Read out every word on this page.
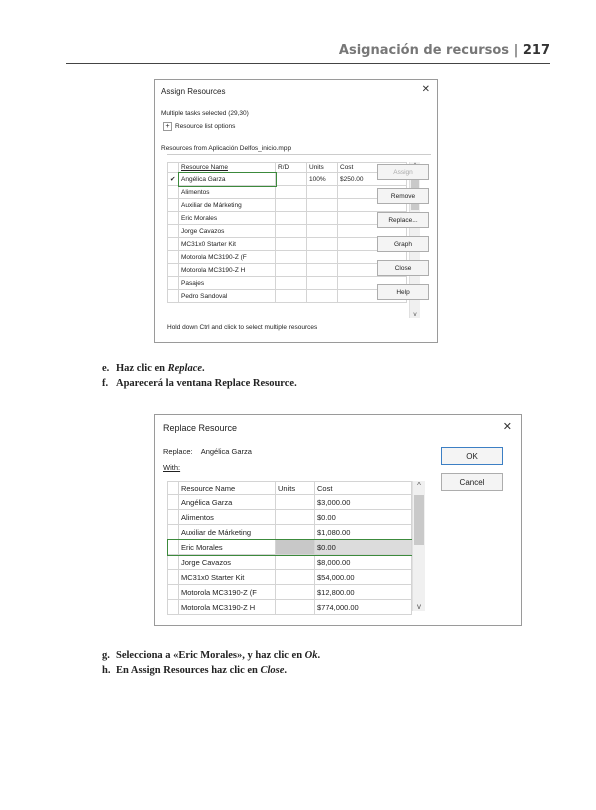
Asignación de recursos | 217
Assign Resources	✕
Multiple tasks selected (29,30)
+ Resource list options
Resources from Aplicación Delfos_inicio.mpp
	Resource Name	R/D	Units	Cost
✔	Angélica Garza		100%	$250.00
	Alimentos			
	Auxiliar de Márketing			
	Eric Morales			
	Jorge Cavazos			
	MC31x0 Starter Kit			
	Motorola MC3190-Z (F			
	Motorola MC3190-Z H			
	Pasajes			
	Pedro Sandoval			
v
Assign
Remove
Replace...
Graph
Close
Help
Hold down Ctrl and click to select multiple resources
e. Haz clic en Replace.
f. Aparecerá la ventana Replace Resource.
Replace Resource	✕
Replace: Angélica Garza
With:
	Resource Name	Units	Cost
	Angélica Garza		$3,000.00
	Alimentos		$0.00
	Auxiliar de Márketing		$1,080.00
	Eric Morales		$0.00
	Jorge Cavazos		$8,000.00
	MC31x0 Starter Kit		$54,000.00
	Motorola MC3190-Z (F		$12,800.00
	Motorola MC3190-Z H		$774,000.00
^
v
OK
Cancel
g. Selecciona a «Eric Morales», y haz clic en Ok.
h. En Assign Resources haz clic en Close.
